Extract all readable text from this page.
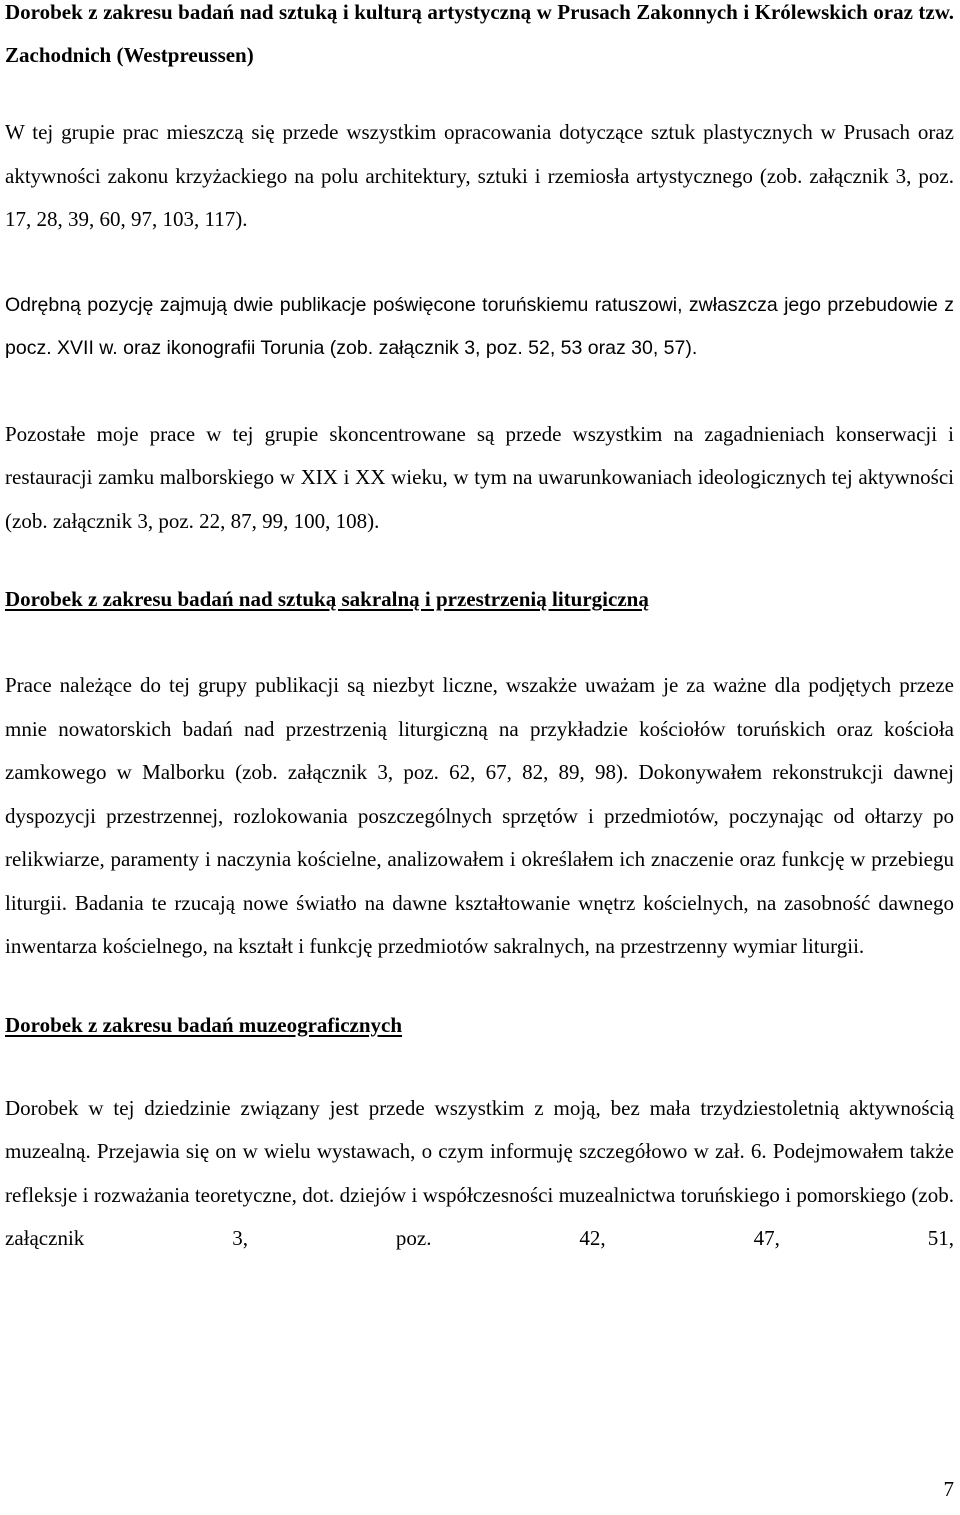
Dorobek z zakresu badań nad sztuką i kulturą artystyczną w Prusach Zakonnych i Królewskich oraz tzw. Zachodnich (Westpreussen)

W tej grupie prac mieszczą się przede wszystkim opracowania dotyczące sztuk plastycznych w Prusach oraz aktywności zakonu krzyżackiego na polu architektury, sztuki i rzemiosła artystycznego (zob. załącznik 3, poz. 17, 28, 39, 60, 97, 103, 117).

Odrębną pozycję zajmują dwie publikacje poświęcone toruńskiemu ratuszowi, zwłaszcza jego przebudowie z pocz. XVII w. oraz ikonografii Torunia (zob. załącznik 3, poz. 52, 53 oraz 30, 57).

Pozostałe moje prace w tej grupie skoncentrowane są przede wszystkim na zagadnieniach konserwacji i restauracji zamku malborskiego w XIX i XX wieku, w tym na uwarunkowaniach ideologicznych tej aktywności (zob. załącznik 3, poz. 22, 87, 99, 100, 108).

Dorobek z zakresu badań nad sztuką sakralną i przestrzenią liturgiczną

Prace należące do tej grupy publikacji są niezbyt liczne, wszakże uważam je za ważne dla podjętych przeze mnie nowatorskich badań nad przestrzenią liturgiczną na przykładzie kościołów toruńskich oraz kościoła zamkowego w Malborku (zob. załącznik 3, poz. 62, 67, 82, 89, 98). Dokonywałem rekonstrukcji dawnej dyspozycji przestrzennej, rozlokowania poszczególnych sprzętów i przedmiotów, poczynając od ołtarzy po relikwiarze, paramenty i naczynia kościelne, analizowałem i określałem ich znaczenie oraz funkcję w przebiegu liturgii. Badania te rzucają nowe światło na dawne kształtowanie wnętrz kościelnych, na zasobność dawnego inwentarza kościelnego, na kształt i funkcję przedmiotów sakralnych, na przestrzenny wymiar liturgii.

Dorobek z zakresu badań muzeograficznych

Dorobek w tej dziedzinie związany jest przede wszystkim z moją, bez mała trzydziestoletnią aktywnością muzealną. Przejawia się on w wielu wystawach, o czym informuję szczegółowo w zał. 6. Podejmowałem także refleksje i rozważania teoretyczne, dot. dziejów i współczesności muzealnictwa toruńskiego i pomorskiego (zob. załącznik 3, poz. 42, 47, 51,

7
